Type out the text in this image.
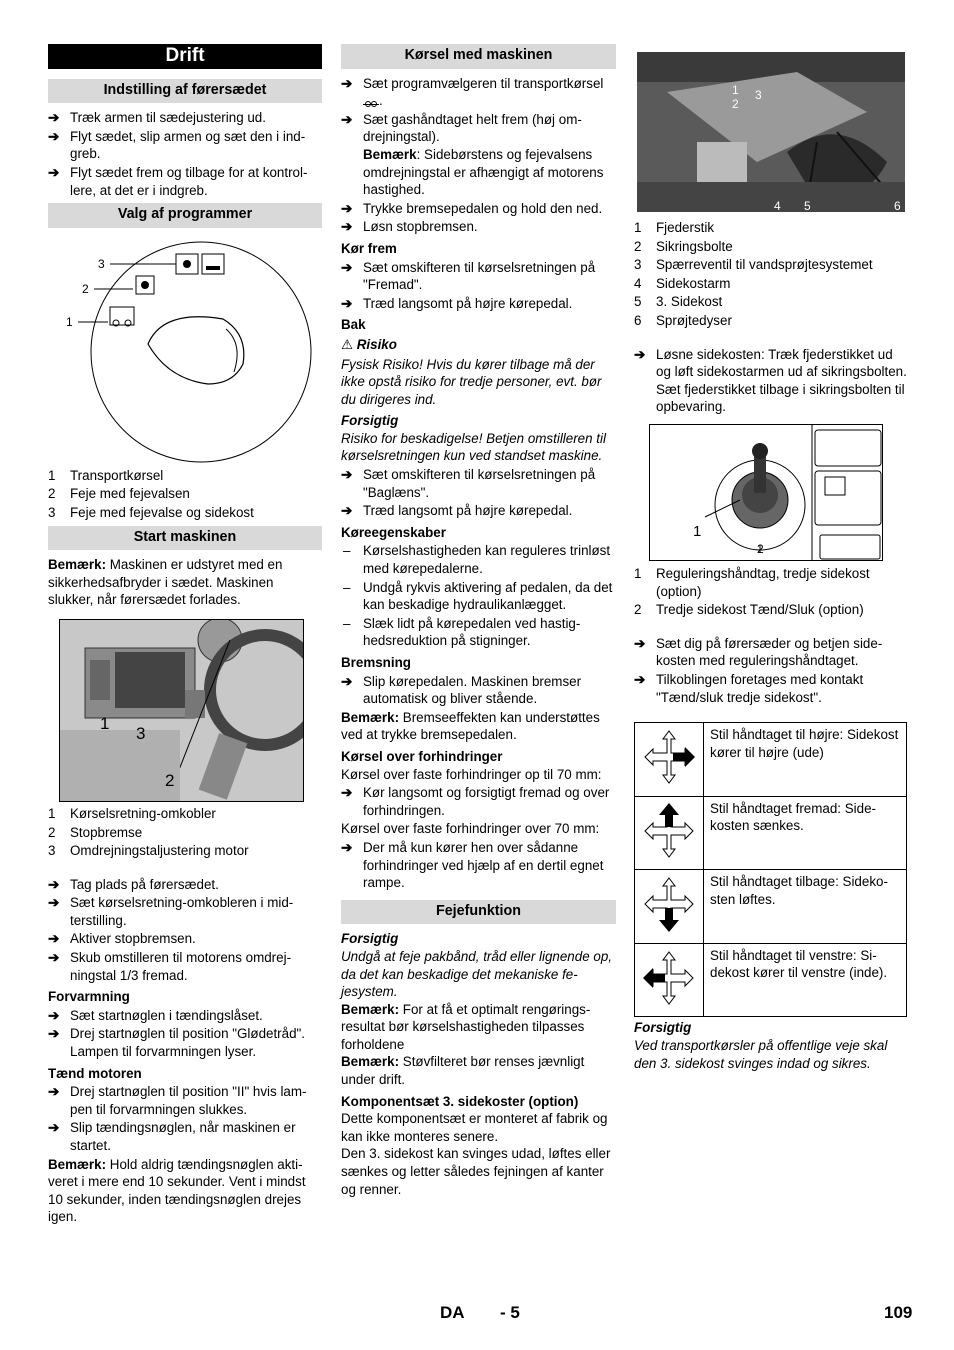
Drift
Indstilling af førersædet
➔ Træk armen til sædejustering ud.
➔ Flyt sædet, slip armen og sæt den i indgreb.
➔ Flyt sædet frem og tilbage for at kontrollere, at det er i indgreb.
Valg af programmer
1
2
3
1 Transportkørsel
2 Feje med fejevalsen
3 Feje med fejevalse og sidekost
Start maskinen
Bemærk: Maskinen er udstyret med en sikkerhedsafbryder i sædet. Maskinen slukker, når førersædet forlades.
1
3
2
1 Kørselsretning-omkobler
2 Stopbremse
3 Omdrejningstaljustering motor
➔ Tag plads på førersædet.
➔ Sæt kørselsretning-omkobleren i midterstilling.
➔ Aktiver stopbremsen.
➔ Skub omstilleren til motorens omdrejningstal 1/3 fremad.
Forvarmning
➔ Sæt startnøglen i tændingslåset.
➔ Drej startnøglen til position "Glødetråd". Lampen til forvarmningen lyser.
Tænd motoren
➔ Drej startnøglen til position "II" hvis lampen til forvarmningen slukkes.
➔ Slip tændingsnøglen, når maskinen er startet.
Bemærk: Hold aldrig tændingsnøglen aktiveret i mere end 10 sekunder. Vent i mindst 10 sekunder, inden tændingsnøglen drejes igen.
Kørsel med maskinen
➔ Sæt programvælgeren til transportkørsel
.
➔ Sæt gashåndtaget helt frem (høj omdrejningstal).
Bemærk: Sidebørstens og fejevalsens omdrejningstal er afhængigt af motorens hastighed.
➔ Trykke bremsepedalen og hold den ned.
➔ Løsn stopbremsen.
Kør frem
➔ Sæt omskifteren til kørselsretningen på "Fremad".
➔ Træd langsomt på højre kørepedal.
Bak
⚠ Risiko
Fysisk Risiko! Hvis du kører tilbage må der ikke opstå risiko for tredje personer, evt. bør du dirigeres ind.
Forsigtig
Risiko for beskadigelse! Betjen omstilleren til kørselsretningen kun ved standset maskine.
➔ Sæt omskifteren til kørselsretningen på "Baglæns".
➔ Træd langsomt på højre kørepedal.
Køreegenskaber
– Kørselshastigheden kan reguleres trinløst med kørepedalerne.
– Undgå rykvis aktivering af pedalen, da det kan beskadige hydraulikanlægget.
– Slæk lidt på kørepedalen ved hastighedsreduktion på stigninger.
Bremsning
➔ Slip kørepedalen. Maskinen bremser automatisk og bliver stående.
Bemærk: Bremseeffekten kan understøttes ved at trykke bremsepedalen.
Kørsel over forhindringer
Kørsel over faste forhindringer op til 70 mm:
➔ Kør langsomt og forsigtigt fremad og over forhindringen.
Kørsel over faste forhindringer over 70 mm:
➔ Der må kun kører hen over sådanne forhindringer ved hjælp af en dertil egnet rampe.
Fejefunktion
Forsigtig
Undgå at feje pakbånd, tråd eller lignende op, da det kan beskadige det mekaniske fejesystem.
Bemærk: For at få et optimalt rengøringsresultat bør kørselshastigheden tilpasses forholdene
Bemærk: Støvfilteret bør renses jævnligt under drift.
Komponentsæt 3. sidekoster (option)
Dette komponentsæt er monteret af fabrik og kan ikke monteres senere.
Den 3. sidekost kan svinges udad, løftes eller sænkes og letter således fejningen af kanter og renner.
1
2
3
4 5	6
1 Fjederstik
2 Sikringsbolte
3 Spærreventil til vandsprøjtesystemet
4 Sidekostarm
5 3. Sidekost
6 Sprøjtedyser
➔ Løsne sidekosten: Træk fjederstikket ud og løft sidekostarmen ud af sikringsbolten.
Sæt fjederstikket tilbage i sikringsbolten til opbevaring.
1
2
1 Reguleringshåndtag, tredje sidekost (option)
2 Tredje sidekost Tænd/Sluk (option)
➔ Sæt dig på førersæder og betjen sidekosten med reguleringshåndtaget.
➔ Tilkoblingen foretages med kontakt "Tænd/sluk tredje sidekost".
	Stil håndtaget til højre: Sidekost kører til højre (ude)
	Stil håndtaget fremad: Sidekosten sænkes.
	Stil håndtaget tilbage: Sidekosten løftes.
	Stil håndtaget til venstre: Sidekost kører til venstre (inde).
Forsigtig
Ved transportkørsler på offentlige veje skal den 3. sidekost svinges indad og sikres.
DA - 5	109
